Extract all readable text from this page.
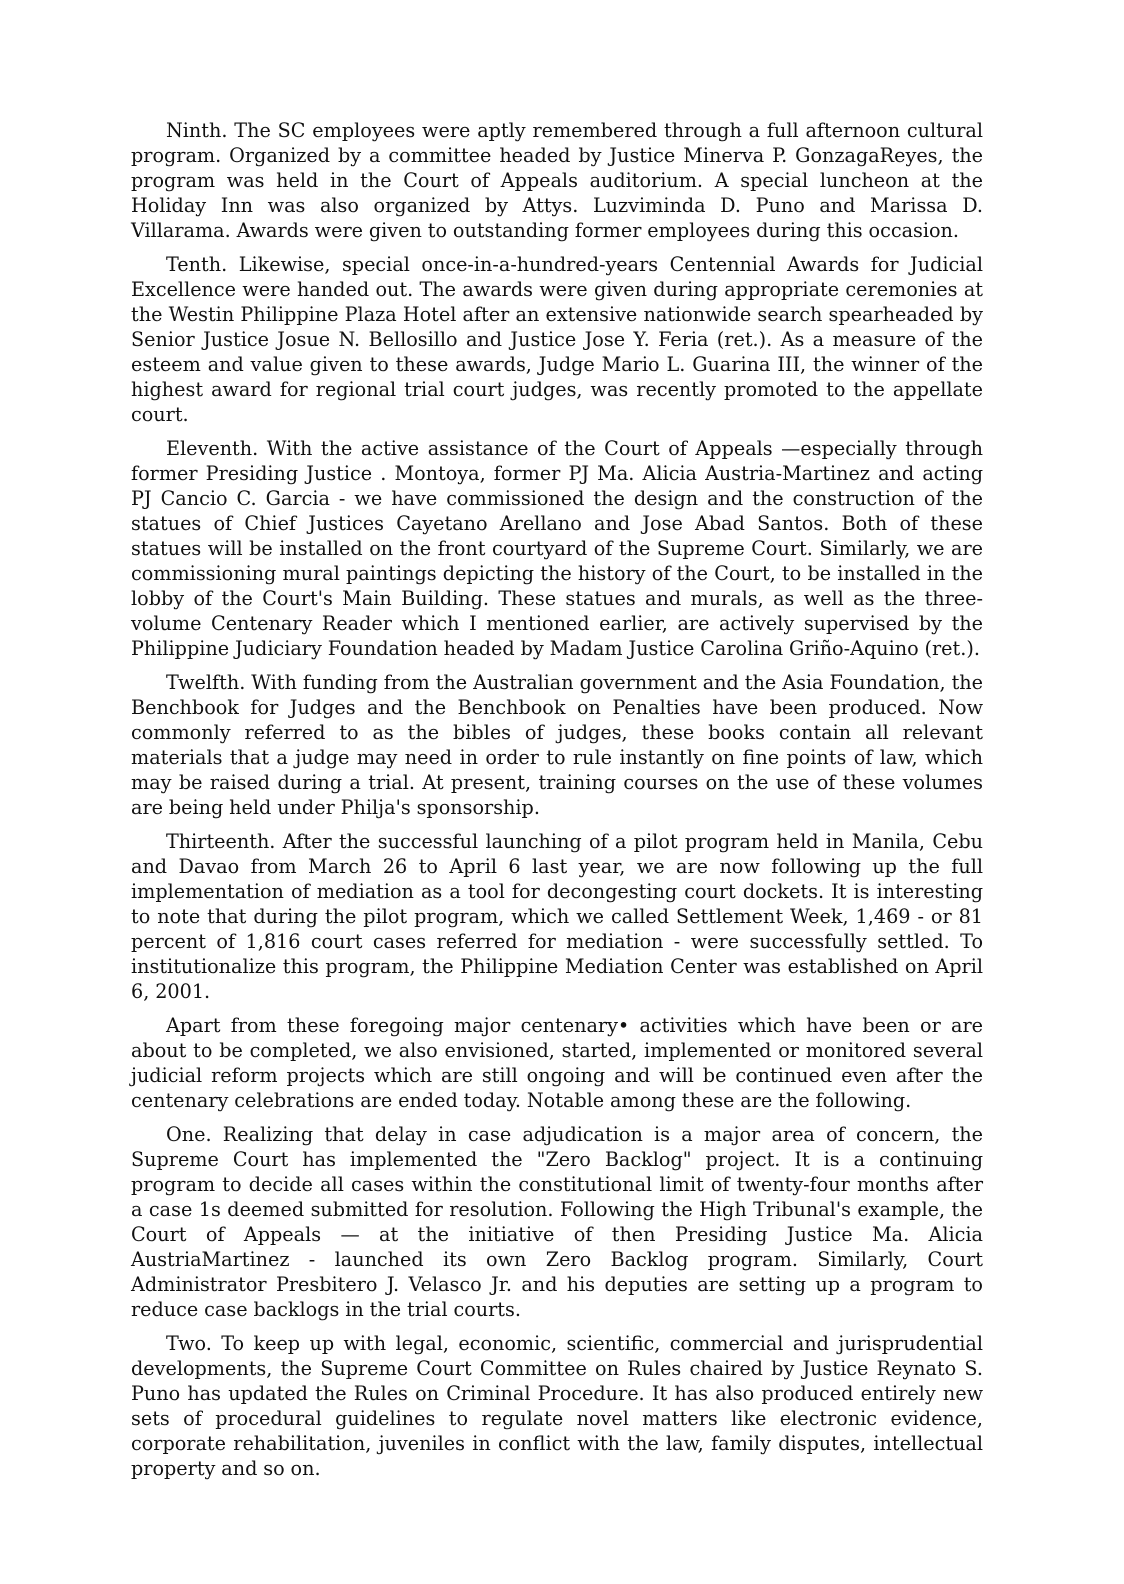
Ninth. The SC employees were aptly remembered through a full afternoon cultural program. Organized by a committee headed by Justice Minerva P. GonzagaReyes, the program was held in the Court of Appeals auditorium. A special luncheon at the Holiday Inn was also organized by Attys. Luzviminda D. Puno and Marissa D. Villarama. Awards were given to outstanding former employees during this occasion.

Tenth. Likewise, special once-in-a-hundred-years Centennial Awards for Judicial Excellence were handed out. The awards were given during appropriate ceremonies at the Westin Philippine Plaza Hotel after an extensive nationwide search spearheaded by Senior Justice Josue N. Bellosillo and Justice Jose Y. Feria (ret.). As a measure of the esteem and value given to these awards, Judge Mario L. Guarina III, the winner of the highest award for regional trial court judges, was recently promoted to the appellate court.

Eleventh. With the active assistance of the Court of Appeals —especially through former Presiding Justice . Montoya, former PJ Ma. Alicia Austria-Martinez and acting PJ Cancio C. Garcia - we have commissioned the design and the construction of the statues of Chief Justices Cayetano Arellano and Jose Abad Santos. Both of these statues will be installed on the front courtyard of the Supreme Court. Similarly, we are commissioning mural paintings depicting the history of the Court, to be installed in the lobby of the Court's Main Building. These statues and murals, as well as the three-volume Centenary Reader which I mentioned earlier, are actively supervised by the Philippine Judiciary Foundation headed by Madam Justice Carolina Griño-Aquino (ret.).

Twelfth. With funding from the Australian government and the Asia Foundation, the Benchbook for Judges and the Benchbook on Penalties have been produced. Now commonly referred to as the bibles of judges, these books contain all relevant materials that a judge may need in order to rule instantly on fine points of law, which may be raised during a trial. At present, training courses on the use of these volumes are being held under Philja's sponsorship.

Thirteenth. After the successful launching of a pilot program held in Manila, Cebu and Davao from March 26 to April 6 last year, we are now following up the full implementation of mediation as a tool for decongesting court dockets. It is interesting to note that during the pilot program, which we called Settlement Week, 1,469 - or 81 percent of 1,816 court cases referred for mediation - were successfully settled. To institutionalize this program, the Philippine Mediation Center was established on April 6, 2001.

Apart from these foregoing major centenary• activities which have been or are about to be completed, we also envisioned, started, implemented or monitored several judicial reform projects which are still ongoing and will be continued even after the centenary celebrations are ended today. Notable among these are the following.

One. Realizing that delay in case adjudication is a major area of concern, the Supreme Court has implemented the "Zero Backlog" project. It is a continuing program to decide all cases within the constitutional limit of twenty-four months after a case 1s deemed submitted for resolution. Following the High Tribunal's example, the Court of Appeals — at the initiative of then Presiding Justice Ma. Alicia AustriaMartinez - launched its own Zero Backlog program. Similarly, Court Administrator Presbitero J. Velasco Jr. and his deputies are setting up a program to reduce case backlogs in the trial courts.

Two. To keep up with legal, economic, scientific, commercial and jurisprudential developments, the Supreme Court Committee on Rules chaired by Justice Reynato S. Puno has updated the Rules on Criminal Procedure. It has also produced entirely new sets of procedural guidelines to regulate novel matters like electronic evidence, corporate rehabilitation, juveniles in conflict with the law, family disputes, intellectual property and so on.
